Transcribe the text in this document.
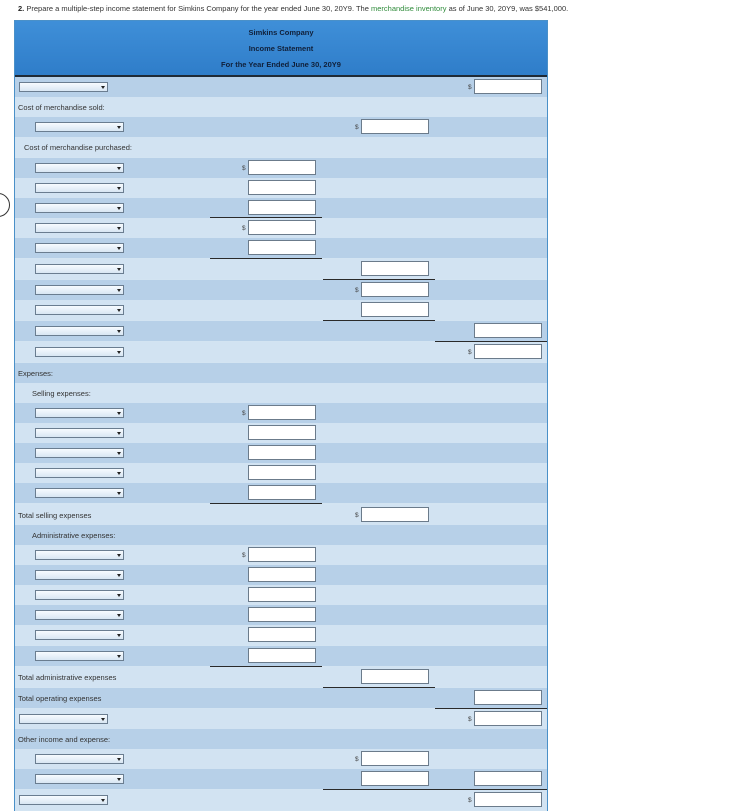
2. Prepare a multiple-step income statement for Simkins Company for the year ended June 30, 20Y9. The merchandise inventory as of June 30, 20Y9, was $541,000.
Simkins Company
Income Statement
For the Year Ended June 30, 20Y9
$
Cost of merchandise sold:
$
Cost of merchandise purchased:
$
$
$
$
Expenses:
Selling expenses:
$
Total selling expenses	$
Administrative expenses:
$
Total administrative expenses
Total operating expenses
$
Other income and expense:
$
$
